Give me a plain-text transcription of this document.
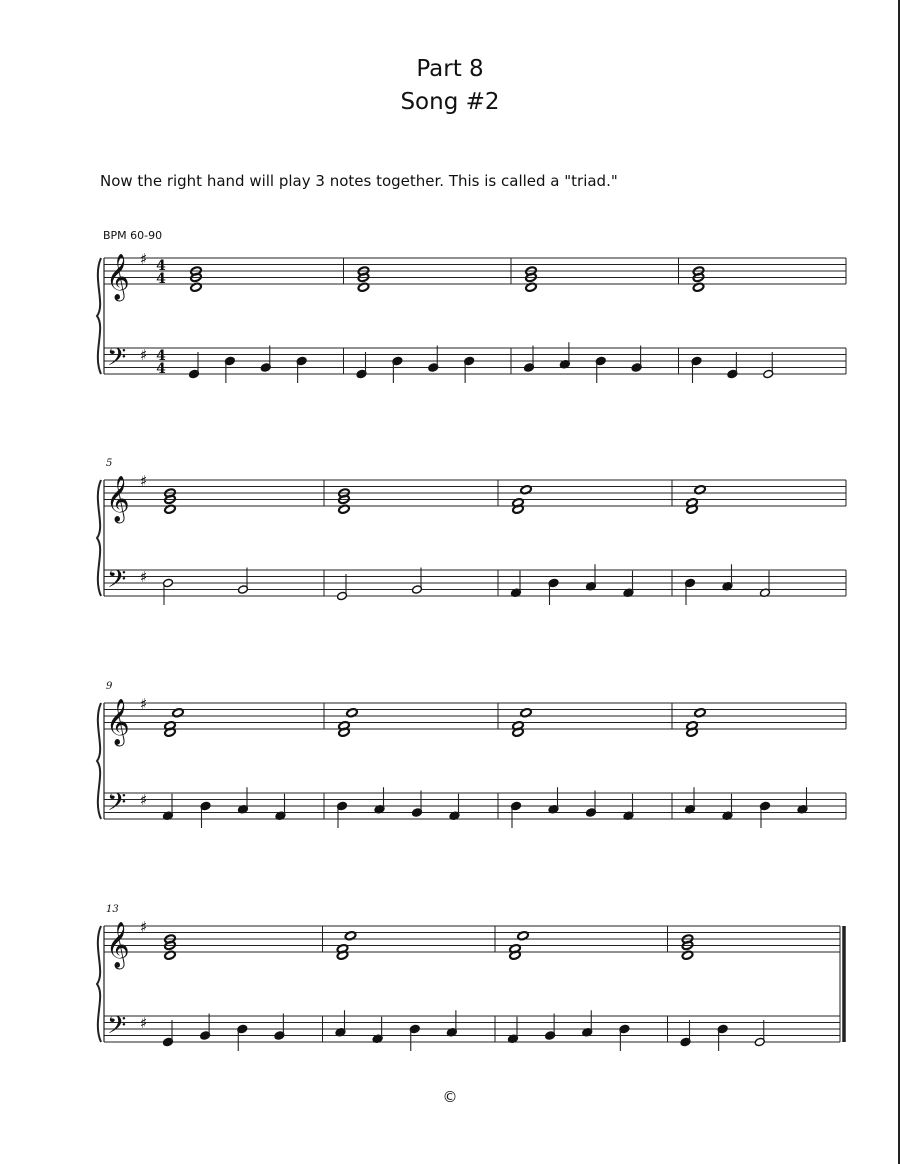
Part 8
Song #2
Now the right hand will play 3 notes together. This is called a "triad."
BPM 60-90
𝄞
𝄢
♯
♯
4
4
4
4
𝄞
𝄢
♯
♯
5
𝄞
𝄢
♯
♯
9
𝄞
𝄢
♯
♯
13
©
